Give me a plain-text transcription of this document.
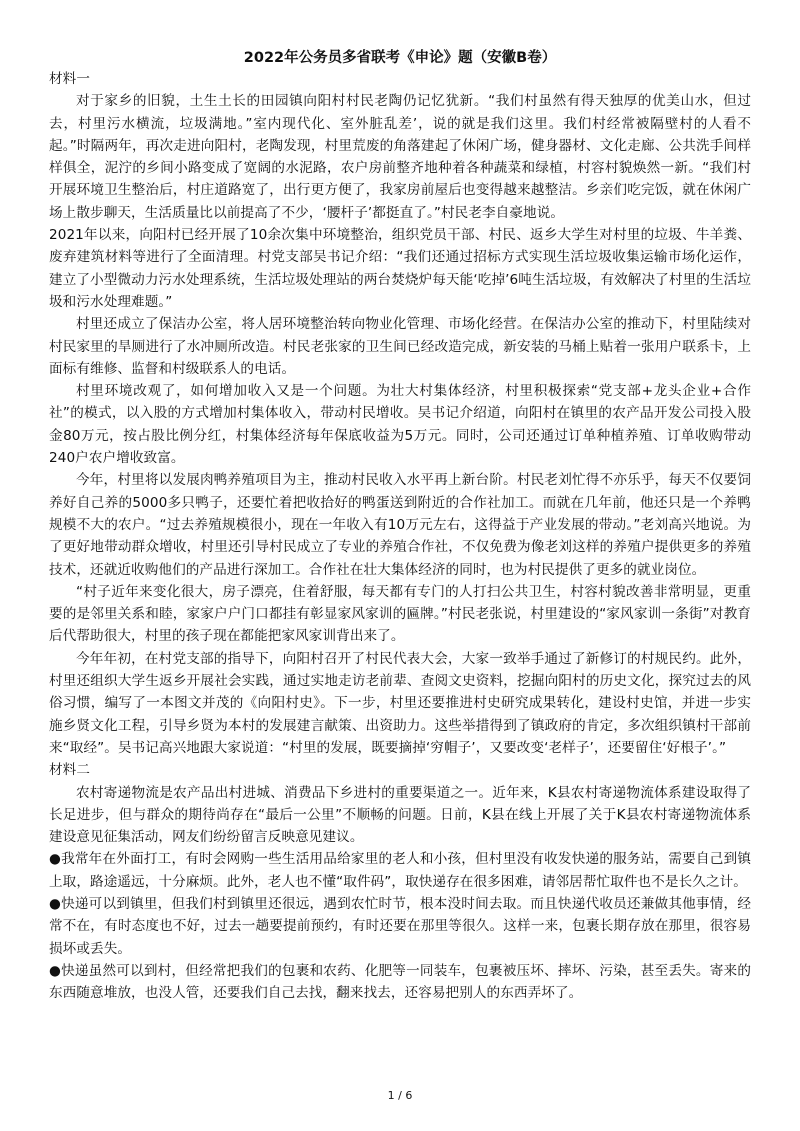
2022年公务员多省联考《申论》题（安徽B卷）

材料一

对于家乡的旧貌，土生土长的田园镇向阳村村民老陶仍记忆犹新。“我们村虽然有得天独厚的优美山水，但过去，村里污水横流，垃圾满地。”室内现代化、室外脏乱差’，说的就是我们这里。我们村经常被隔壁村的人看不起。”时隔两年，再次走进向阳村，老陶发现，村里荒废的角落建起了休闲广场，健身器材、文化走廊、公共洗手间样样俱全，泥泞的乡间小路变成了宽阔的水泥路，农户房前整齐地种着各种蔬菜和绿植，村容村貌焕然一新。“我们村开展环境卫生整治后，村庄道路宽了，出行更方便了，我家房前屋后也变得越来越整洁。乡亲们吃完饭，就在休闲广场上散步聊天，生活质量比以前提高了不少，‘腰杆子’都挺直了。”村民老李自豪地说。

2021年以来，向阳村已经开展了10余次集中环境整治，组织党员干部、村民、返乡大学生对村里的垃圾、牛羊粪、废弃建筑材料等进行了全面清理。村党支部吴书记介绍：“我们还通过招标方式实现生活垃圾收集运输市场化运作，建立了小型微动力污水处理系统，生活垃圾处理站的两台焚烧炉每天能‘吃掉’6吨生活垃圾，有效解决了村里的生活垃圾和污水处理难题。”

村里还成立了保洁办公室，将人居环境整治转向物业化管理、市场化经营。在保洁办公室的推动下，村里陆续对村民家里的旱厕进行了水冲厕所改造。村民老张家的卫生间已经改造完成，新安装的马桶上贴着一张用户联系卡，上面标有维修、监督和村级联系人的电话。

村里环境改观了，如何增加收入又是一个问题。为壮大村集体经济，村里积极探索“党支部+龙头企业+合作社”的模式，以入股的方式增加村集体收入，带动村民增收。吴书记介绍道，向阳村在镇里的农产品开发公司投入股金80万元，按占股比例分红，村集体经济每年保底收益为5万元。同时，公司还通过订单种植养殖、订单收购带动240户农户增收致富。

今年，村里将以发展肉鸭养殖项目为主，推动村民收入水平再上新台阶。村民老刘忙得不亦乐乎，每天不仅要饲养好自己养的5000多只鸭子，还要忙着把收拾好的鸭蛋送到附近的合作社加工。而就在几年前，他还只是一个养鸭规模不大的农户。“过去养殖规模很小，现在一年收入有10万元左右，这得益于产业发展的带动。”老刘高兴地说。为了更好地带动群众增收，村里还引导村民成立了专业的养殖合作社，不仅免费为像老刘这样的养殖户提供更多的养殖技术，还就近收购他们的产品进行深加工。合作社在壮大集体经济的同时，也为村民提供了更多的就业岗位。

“村子近年来变化很大，房子漂亮，住着舒服，每天都有专门的人打扫公共卫生，村容村貌改善非常明显，更重要的是邻里关系和睦，家家户户门口都挂有彰显家风家训的匾牌。”村民老张说，村里建设的“家风家训一条街”对教育后代帮助很大，村里的孩子现在都能把家风家训背出来了。

今年年初，在村党支部的指导下，向阳村召开了村民代表大会，大家一致举手通过了新修订的村规民约。此外，村里还组织大学生返乡开展社会实践，通过实地走访老前辈、查阅文史资料，挖掘向阳村的历史文化，探究过去的风俗习惯，编写了一本图文并茂的《向阳村史》。下一步，村里还要推进村史研究成果转化，建设村史馆，并进一步实施乡贤文化工程，引导乡贤为本村的发展建言献策、出资助力。这些举措得到了镇政府的肯定，多次组织镇村干部前来“取经”。吴书记高兴地跟大家说道：“村里的发展，既要摘掉‘穷帽子’，又要改变‘老样子’，还要留住‘好根子’。”

材料二

农村寄递物流是农产品出村进城、消费品下乡进村的重要渠道之一。近年来，K县农村寄递物流体系建设取得了长足进步，但与群众的期待尚存在“最后一公里”不顺畅的问题。日前，K县在线上开展了关于K县农村寄递物流体系建设意见征集活动，网友们纷纷留言反映意见建议。

●我常年在外面打工，有时会网购一些生活用品给家里的老人和小孩，但村里没有收发快递的服务站，需要自己到镇上取，路途遥远，十分麻烦。此外，老人也不懂“取件码”，取快递存在很多困难，请邻居帮忙取件也不是长久之计。

●快递可以到镇里，但我们村到镇里还很远，遇到农忙时节，根本没时间去取。而且快递代收员还兼做其他事情，经常不在，有时态度也不好，过去一趟要提前预约，有时还要在那里等很久。这样一来，包裹长期存放在那里，很容易损坏或丢失。

●快递虽然可以到村，但经常把我们的包裹和农药、化肥等一同装车，包裹被压坏、摔坏、污染，甚至丢失。寄来的东西随意堆放，也没人管，还要我们自己去找，翻来找去，还容易把别人的东西弄坏了。

1 / 6
